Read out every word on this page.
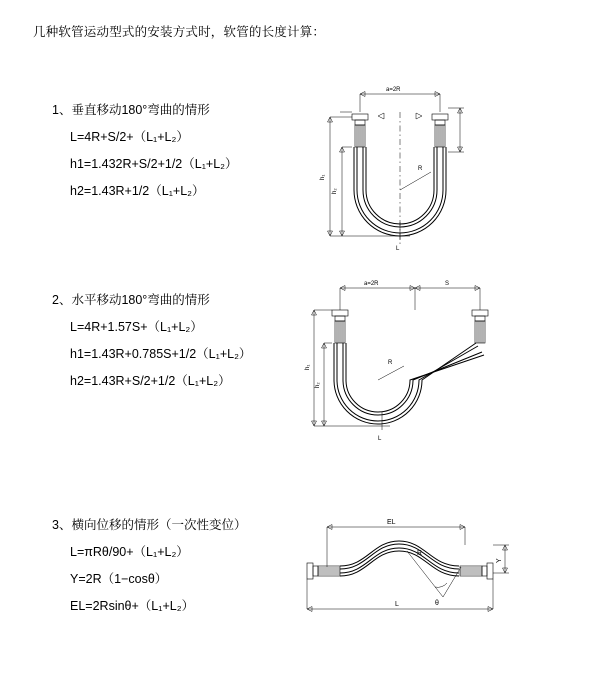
几种软管运动型式的安装方式时，软管的长度计算：

1、垂直移动180°弯曲的情形

L=4R+S/2+（L₁+L₂）

h1=1.432R+S/2+1/2（L₁+L₂）

h2=1.43R+1/2（L₁+L₂）

a=2R
h₁
h₂
R
L

2、水平移动180°弯曲的情形

L=4R+1.57S+（L₁+L₂）

h1=1.43R+0.785S+1/2（L₁+L₂）

h2=1.43R+S/2+1/2（L₁+L₂）

a=2R	S
h₁
h₂
R
L

3、横向位移的情形（一次性变位）

L=πRθ/90+（L₁+L₂）

Y=2R（1−cosθ）

EL=2Rsinθ+（L₁+L₂）

EL
R
θ
Y
L
